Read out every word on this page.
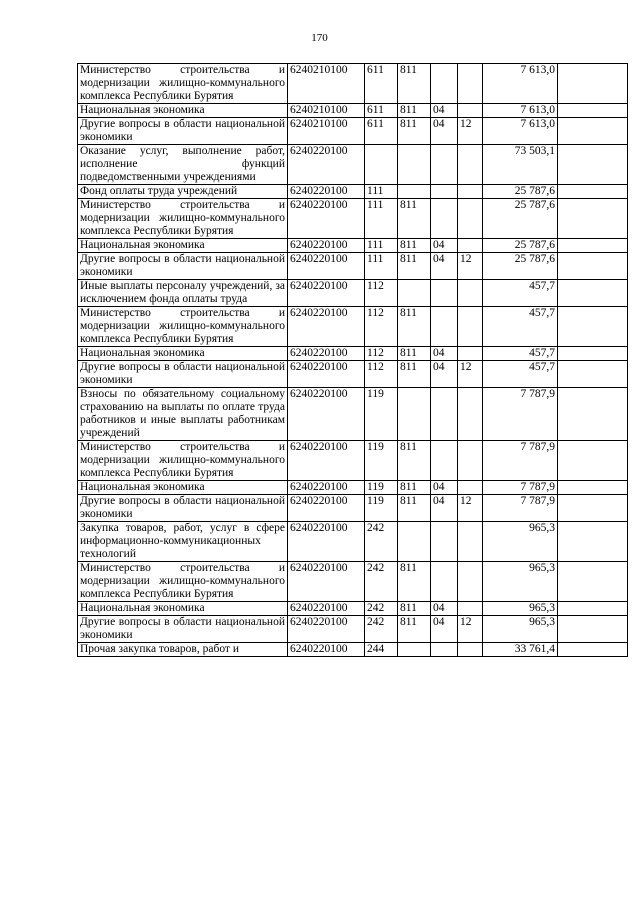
170
Министерство строительства и модернизации жилищно-коммунального комплекса Республики Бурятия	6240210100	611	811			7 613,0	
Национальная экономика	6240210100	611	811	04		7 613,0	
Другие вопросы в области национальной экономики	6240210100	611	811	04	12	7 613,0	
Оказание услуг, выполнение работ, исполнение функций подведомственными учреждениями	6240220100					73 503,1	
Фонд оплаты труда учреждений	6240220100	111				25 787,6	
Министерство строительства и модернизации жилищно-коммунального комплекса Республики Бурятия	6240220100	111	811			25 787,6	
Национальная экономика	6240220100	111	811	04		25 787,6	
Другие вопросы в области национальной экономики	6240220100	111	811	04	12	25 787,6	
Иные выплаты персоналу учреждений, за исключением фонда оплаты труда	6240220100	112				457,7	
Министерство строительства и модернизации жилищно-коммунального комплекса Республики Бурятия	6240220100	112	811			457,7	
Национальная экономика	6240220100	112	811	04		457,7	
Другие вопросы в области национальной экономики	6240220100	112	811	04	12	457,7	
Взносы по обязательному социальному страхованию на выплаты по оплате труда работников и иные выплаты работникам учреждений	6240220100	119				7 787,9	
Министерство строительства и модернизации жилищно-коммунального комплекса Республики Бурятия	6240220100	119	811			7 787,9	
Национальная экономика	6240220100	119	811	04		7 787,9	
Другие вопросы в области национальной экономики	6240220100	119	811	04	12	7 787,9	
Закупка товаров, работ, услуг в сфере информационно-коммуникационных технологий	6240220100	242				965,3	
Министерство строительства и модернизации жилищно-коммунального комплекса Республики Бурятия	6240220100	242	811			965,3	
Национальная экономика	6240220100	242	811	04		965,3	
Другие вопросы в области национальной экономики	6240220100	242	811	04	12	965,3	
Прочая закупка товаров, работ и	6240220100	244				33 761,4	
